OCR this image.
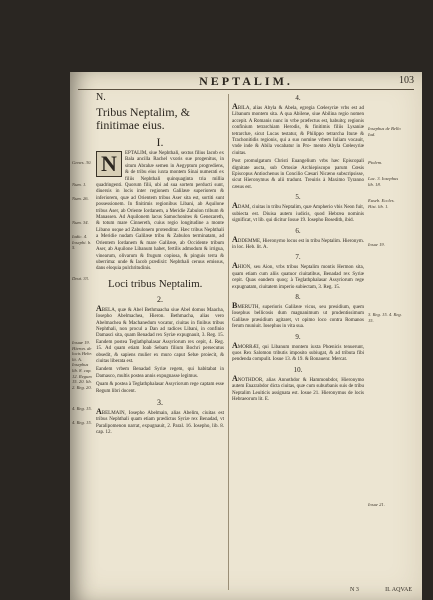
NEPTALIM.	103
N.
Tribus Neptalim, & finitimae eius.
I.

N	EPTALIM, siue Nephthali, sextus filius Iacob ex Bala ancilla Rachel vxoris sue progenitus, in situm Abrahæ semen in Aegyptum progrediens, & de tribu eius iuxta montem Sinai numerati ex filiis Nephthali quinquaginta tria millia quadringenti. Quorum filii, ubi ad sua sortem perducti sunt, diuersis in locis inter regionem Galilææ superiorem & inferiorem, quæ ad Orientem tribus Aser sita est, sortiti sunt possessionem. In finitimis regionibus Libani, ab Aquilone tribus Aser, ab Oriente Iordanem, a Meridie Zabulon tribum & Manassen. Ad Aquilonem lacus Samochonites & Genezareth, & totum mare Cinnereth, cuius regio longitudine a monte Libano usque ad Zabulonem protenditur. Hæc tribus Nephthali a Meridie nudam Galilææ tribu & Zabulon terminatam, ad Orientem Iordanem & mare Galilææ, ab Occidente tribum Aser, ab Aquilone Libanum habet, fertilis admodum & irrigua, vinearum, olivarum & frugum copiosa, & pinguis terra & uberrima: unde & Iacob prædixit: Nephthali ceruus emissus, dans eloquia pulchritudinis.

Loci tribus Neptalim.
2.

ABELA, quæ & Abel Bethmaacha siue Abel domus Maacha, Iosepho Abelmachea, Hieron. Bethmacha, alias vero Abelmachea & Machanedum vocatur, ciuitas in finibus tribus Nephthali, non procul a Dan ad radices Libani, in confinio Damasci sita, quam Benadad rex Syriæ expugnauit, 3. Reg. 15. Eandem postea Teglathphalasar Assyriorum rex cepit, 4. Reg. 15. Ad quam etiam Ioab Sebam filium Bochri persecutus obsedit, & sapiens mulier ex muro caput Sebæ proiecit, & ciuitas liberata est.

Eandem vrbem Benadad Syriæ regem, qui habitabat in Damasco, multis postea annis expugnasse legimus.

Quam & postea à Teglathphalasar Assyriorum rege captam esse Regum libri docent.

3.

ABELMAIN, Iosepho Abelmain, alias Abelim, ciuitas est tribus Nephthali quam etiam prædictus Syriæ rex Benadad, vt Paralipomenon narrat, expugnauit, 2. Paral. 16. Iosepho, lib. 8. cap. 12.

4.

ABILA, alias Abyla & Abela, egregia Cœlesyriæ vrbs est ad Libanum montem sita. A qua Abilene, siue Abilina regio nomen accepit. A Romanis nunc in vrbe præfectus est, habuitq; regionis confinium tetrarchiam Herodis, & finitimis filiis Lysaniæ tetrarchæ, sicut Lucas testatur, & Philippo tetrarcha Ituræ & Trachonitidis regionis, qui a suo nomine vrbem Iuliam vocauit, vnde inde & Abila vocabatur in Pro- mento Abyla Cœlesyriæ ciuitas.

Post promulgatum Christi Euangelium vrbs hæc Episcopali dignitate aucta, sub Ortosiæ Archiepiscopo parum Cœsis Episcopus Antiochenus in Concilio Cæsari Nicæno subscripsisse, sicut Hieronymus & alii tradunt. Treuiris à Maximo Tyranno cæsus est.

5.

ADAM, ciuitas in tribu Neptalim, quæ Ampherio vbis Neon fuit, subiecta est. Diuisa autem iudicis, quod Hebræa nominis significat, vt lib. qui dicitur Iosue 19. Iosepho Bosedith, ibid.

6.

ADDEMME, Hieronymo locus est in tribu Neptalim. Hieronym. in loc. Heb. lit. A.

7.

AHION, seu Aion, vrbs tribus Neptalim montis Hermon sita, quam etiam cum aliis quatuor ciuitatibus, Benadad rex Syriæ cepit. Quas eandem quoq; à Teglathphalasar Assyriorum rege expugnatam, ciuitatem imperio subiectam, 3. Reg. 15.

8.

BMERUTH, superioris Galilææ vicus, seu presidium, quem Iosephus bellicosis dum magnanimum ut prudentissimum Galilææ præsidium agitaret, vt opimo loco contra Romanos ferum muniuit. Iosephus in vita sua.

9.

AMORRÆI, qui Libanum montem iuxta Phœnicis tenuerunt, quos Rex Salomon tributis imposito subiugat, & ad tributa fibi pendenda compulit. Iosue 13. & 19. & Bonauenr. Mercat.

10.

ANOTHDOR, alias Annothdor & Hammonbdor, Hieronymo autem Enazrabdor dicta ciuitas, quæ cum suburbanis suis de tribu Neptalim Leuiticis assignata est. Iosue 21. Hieronymus de locis Hebraeorum lit. E.

Genes. 30.
Num. 1.
Num. 26.
Num. 34.
Iudic. 4. Iosephi. b. 5.
Deut. 33.
Iosuæ 19. Hieron. de locis Hebr. lit. A. Iosephus lib. 8. cap. 12. Regum 15. 20. lib. 2. Reg. 20.
4. Reg. 15.
4. Reg. 15.
Iosephus de Bello Iud.
Ptolem.
Luc. 3. Iosephus lib. 18.
Euseb. Eccles. Hist. lib. 1.
Iosue 19.
3. Reg. 15. 4. Reg. 15.
Iosue 21.
N 3	II. AQVAE
